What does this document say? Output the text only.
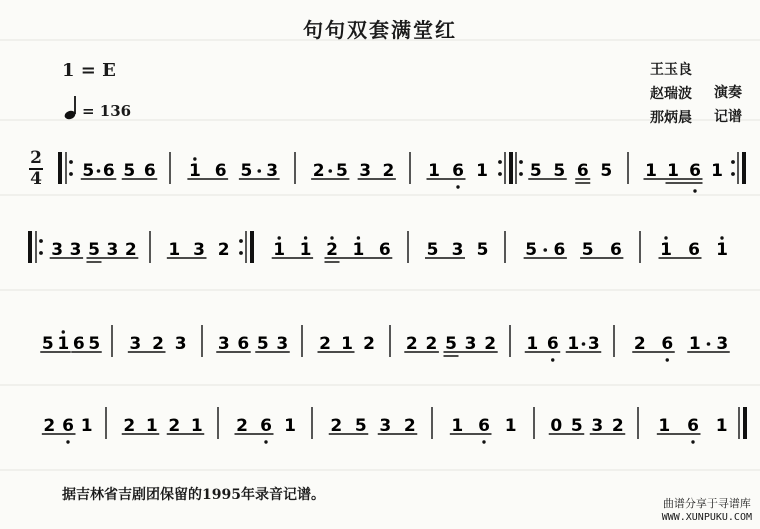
句句双套满堂红
1 = E
= 136
王玉良
赵瑞波
那炳晨
演奏
记谱
2
4 5 6 5 6 1 6 5 3 2 5 3 2 1 6 1 5 5 6 5 1 1 6 1
3 3 5 3 2 1 3 2	1 1 2 1 6 5 3 5 5 6 5 6 1 6 1
5 1 6 5 3 2 3 3 6 5 3 2 1 2 2 2 5 3 2 1 6 1 3 2 6 1 3
2 6 1 2 1 2 1 2 6 1 2 5 3 2 1 6 1 0 5 3 2 1 6 1
据吉林省吉剧团保留的1995年录音记谱。
曲谱分享于寻谱库
WWW.XUNPUKU.COM
